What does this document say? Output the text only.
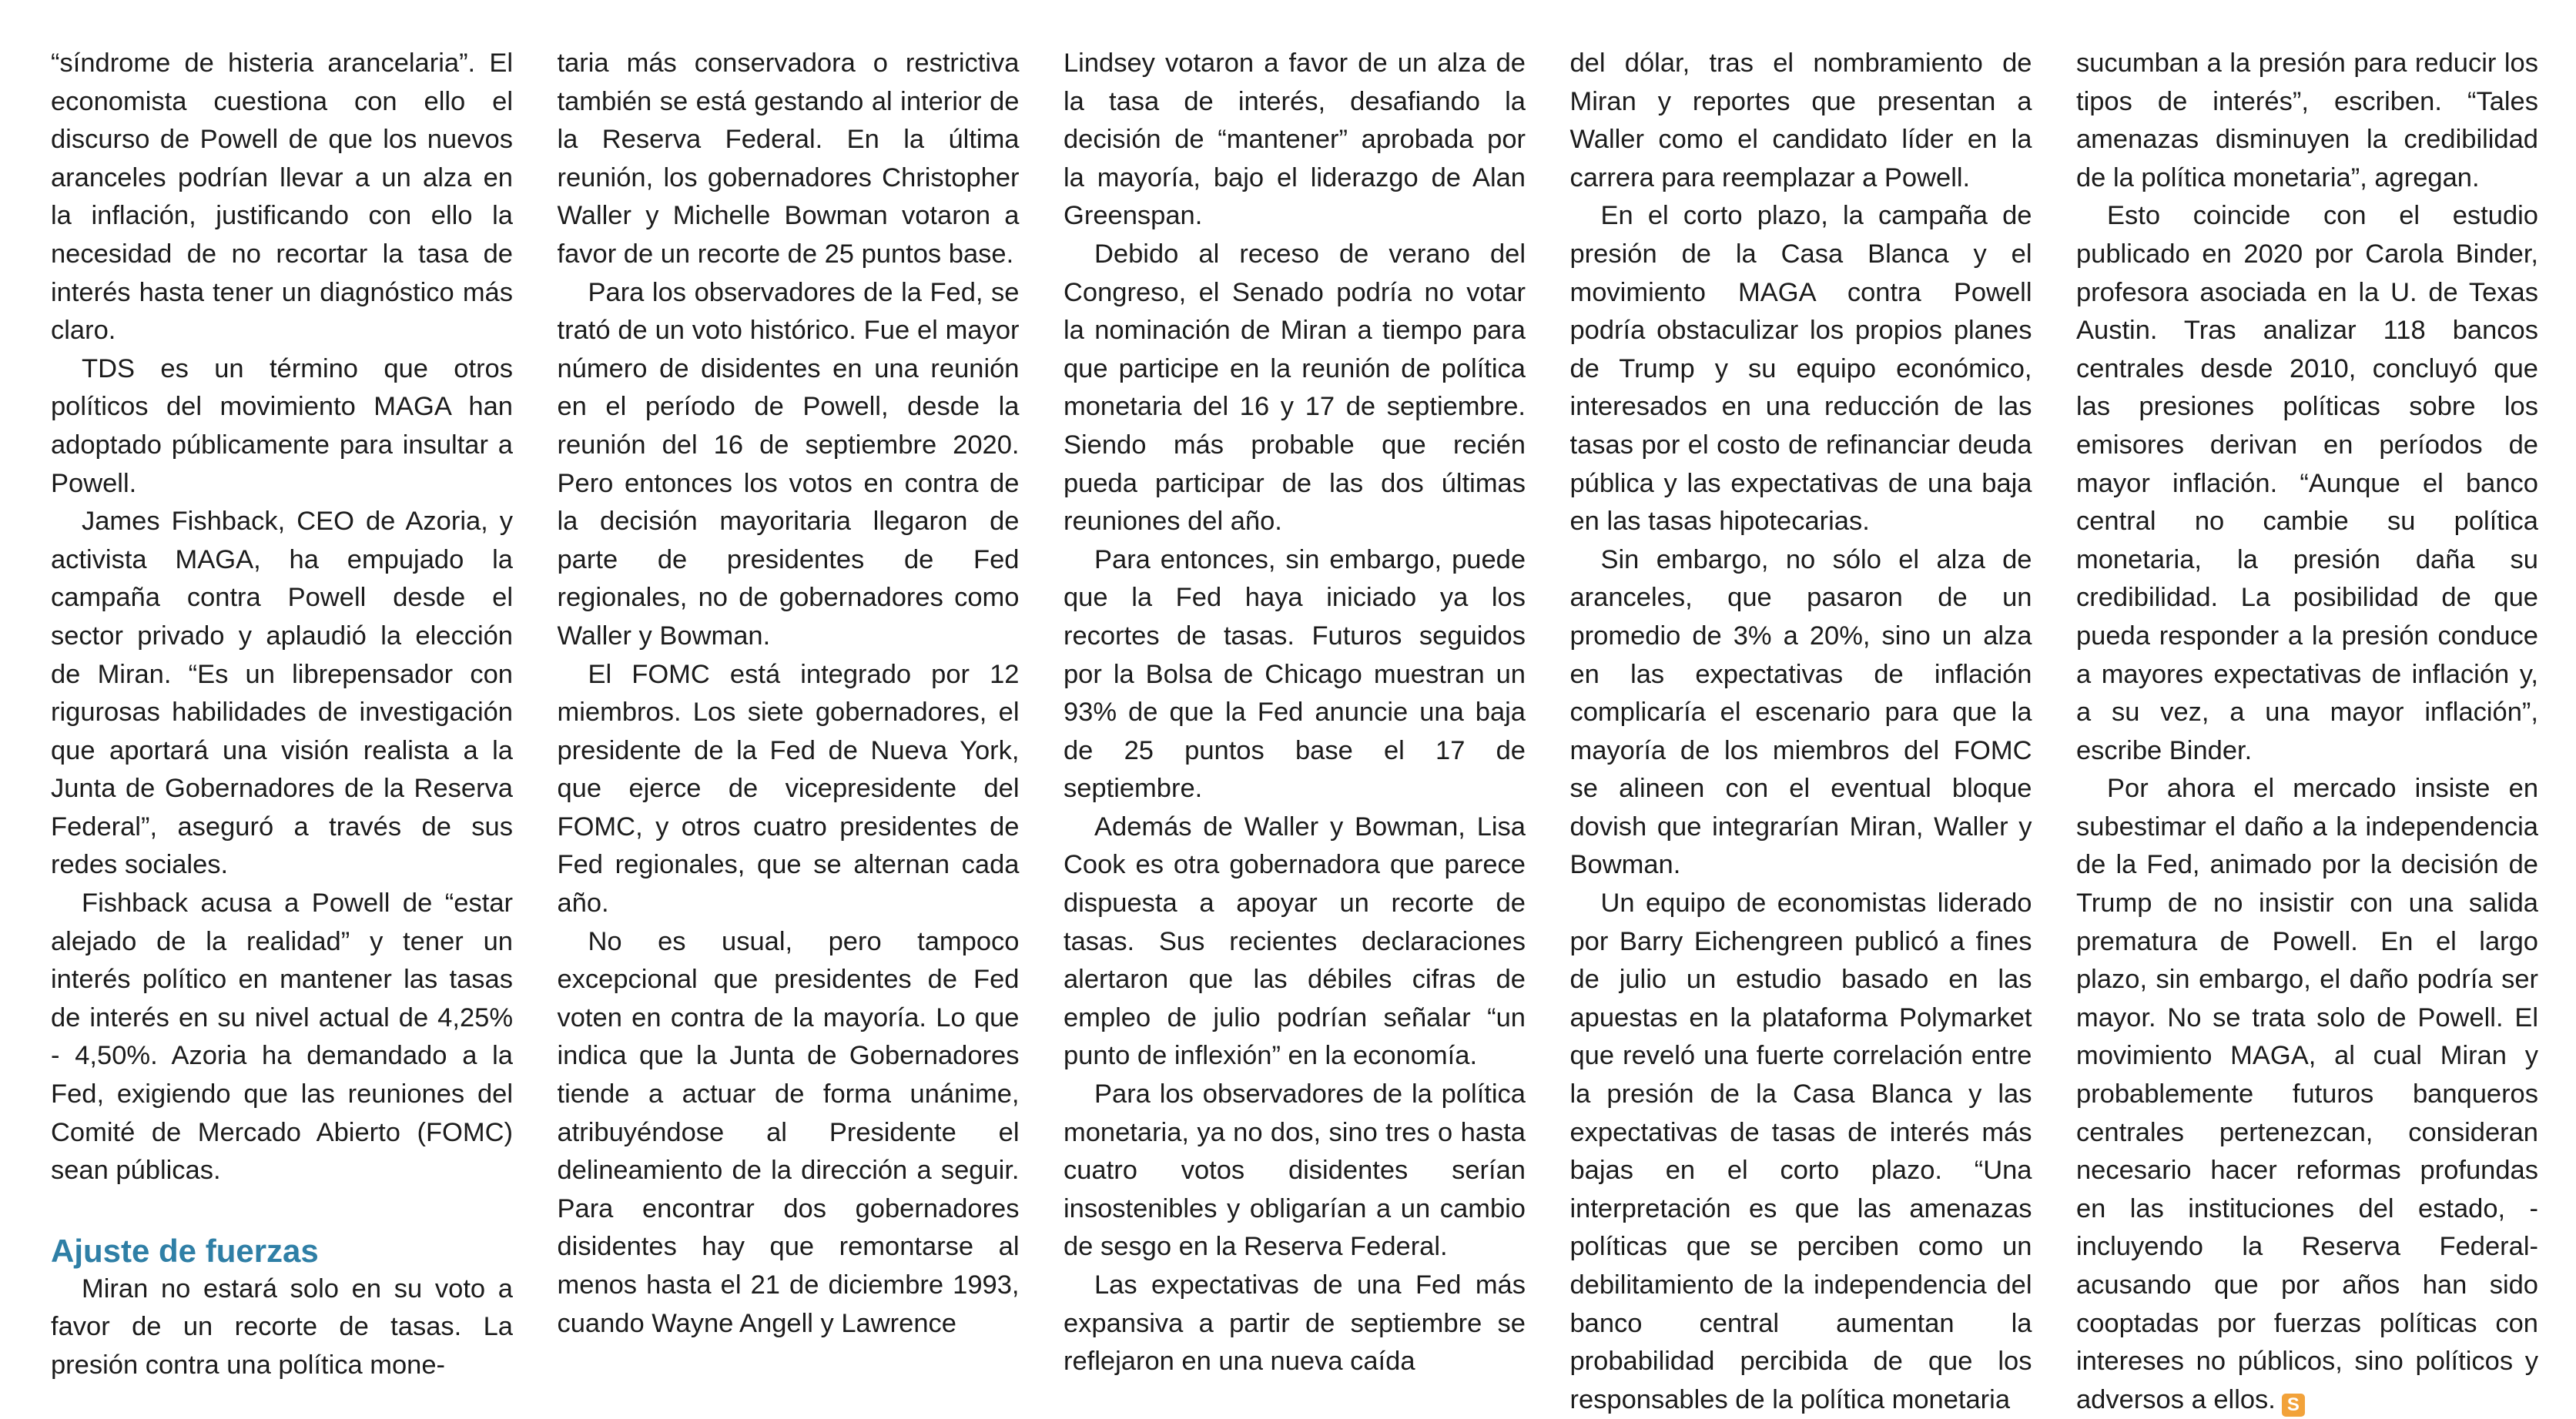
“síndrome de histeria arancelaria”. El economista cuestiona con ello el discurso de Powell de que los nuevos aranceles podrían llevar a un alza en la inflación, justificando con ello la necesidad de no recortar la tasa de interés hasta tener un diagnóstico más claro.

TDS es un término que otros políticos del movimiento MAGA han adoptado públicamente para insultar a Powell.

James Fishback, CEO de Azoria, y activista MAGA, ha empujado la campaña contra Powell desde el sector privado y aplaudió la elección de Miran. “Es un librepensador con rigurosas habilidades de investigación que aportará una visión realista a la Junta de Gobernadores de la Reserva Federal”, aseguró a través de sus redes sociales.

Fishback acusa a Powell de “estar alejado de la realidad” y tener un interés político en mantener las tasas de interés en su nivel actual de 4,25% - 4,50%. Azoria ha demandado a la Fed, exigiendo que las reuniones del Comité de Mercado Abierto (FOMC) sean públicas.

Ajuste de fuerzas

Miran no estará solo en su voto a favor de un recorte de tasas. La presión contra una política mone-

taria más conservadora o restrictiva también se está gestando al interior de la Reserva Federal. En la última reunión, los gobernadores Christopher Waller y Michelle Bowman votaron a favor de un recorte de 25 puntos base.

Para los observadores de la Fed, se trató de un voto histórico. Fue el mayor número de disidentes en una reunión en el período de Powell, desde la reunión del 16 de septiembre 2020. Pero entonces los votos en contra de la decisión mayoritaria llegaron de parte de presidentes de Fed regionales, no de gobernadores como Waller y Bowman.

El FOMC está integrado por 12 miembros. Los siete gobernadores, el presidente de la Fed de Nueva York, que ejerce de vicepresidente del FOMC, y otros cuatro presidentes de Fed regionales, que se alternan cada año.

No es usual, pero tampoco excepcional que presidentes de Fed voten en contra de la mayoría. Lo que indica que la Junta de Gobernadores tiende a actuar de forma unánime, atribuyéndose al Presidente el delineamiento de la dirección a seguir. Para encontrar dos gobernadores disidentes hay que remontarse al menos hasta el 21 de diciembre 1993, cuando Wayne Angell y Lawrence

Lindsey votaron a favor de un alza de la tasa de interés, desafiando la decisión de “mantener” aprobada por la mayoría, bajo el liderazgo de Alan Greenspan.

Debido al receso de verano del Congreso, el Senado podría no votar la nominación de Miran a tiempo para que participe en la reunión de política monetaria del 16 y 17 de septiembre. Siendo más probable que recién pueda participar de las dos últimas reuniones del año.

Para entonces, sin embargo, puede que la Fed haya iniciado ya los recortes de tasas. Futuros seguidos por la Bolsa de Chicago muestran un 93% de que la Fed anuncie una baja de 25 puntos base el 17 de septiembre.

Además de Waller y Bowman, Lisa Cook es otra gobernadora que parece dispuesta a apoyar un recorte de tasas. Sus recientes declaraciones alertaron que las débiles cifras de empleo de julio podrían señalar “un punto de inflexión” en la economía.

Para los observadores de la política monetaria, ya no dos, sino tres o hasta cuatro votos disidentes serían insostenibles y obligarían a un cambio de sesgo en la Reserva Federal.

Las expectativas de una Fed más expansiva a partir de septiembre se reflejaron en una nueva caída

del dólar, tras el nombramiento de Miran y reportes que presentan a Waller como el candidato líder en la carrera para reemplazar a Powell.

En el corto plazo, la campaña de presión de la Casa Blanca y el movimiento MAGA contra Powell podría obstaculizar los propios planes de Trump y su equipo económico, interesados en una reducción de las tasas por el costo de refinanciar deuda pública y las expectativas de una baja en las tasas hipotecarias.

Sin embargo, no sólo el alza de aranceles, que pasaron de un promedio de 3% a 20%, sino un alza en las expectativas de inflación complicaría el escenario para que la mayoría de los miembros del FOMC se alineen con el eventual bloque dovish que integrarían Miran, Waller y Bowman.

Un equipo de economistas liderado por Barry Eichengreen publicó a fines de julio un estudio basado en las apuestas en la plataforma Polymarket que reveló una fuerte correlación entre la presión de la Casa Blanca y las expectativas de tasas de interés más bajas en el corto plazo. “Una interpretación es que las amenazas políticas que se perciben como un debilitamiento de la independencia del banco central aumentan la probabilidad percibida de que los responsables de la política monetaria

sucumban a la presión para reducir los tipos de interés”, escriben. “Tales amenazas disminuyen la credibilidad de la política monetaria”, agregan.

Esto coincide con el estudio publicado en 2020 por Carola Binder, profesora asociada en la U. de Texas Austin. Tras analizar 118 bancos centrales desde 2010, concluyó que las presiones políticas sobre los emisores derivan en períodos de mayor inflación. “Aunque el banco central no cambie su política monetaria, la presión daña su credibilidad. La posibilidad de que pueda responder a la presión conduce a mayores expectativas de inflación y, a su vez, a una mayor inflación”, escribe Binder.

Por ahora el mercado insiste en subestimar el daño a la independencia de la Fed, animado por la decisión de Trump de no insistir con una salida prematura de Powell. En el largo plazo, sin embargo, el daño podría ser mayor. No se trata solo de Powell. El movimiento MAGA, al cual Miran y probablemente futuros banqueros centrales pertenezcan, consideran necesario hacer reformas profundas en las instituciones del estado, -incluyendo la Reserva Federal- acusando que por años han sido cooptadas por fuerzas políticas con intereses no públicos, sino políticos y adversos a ellos. S
